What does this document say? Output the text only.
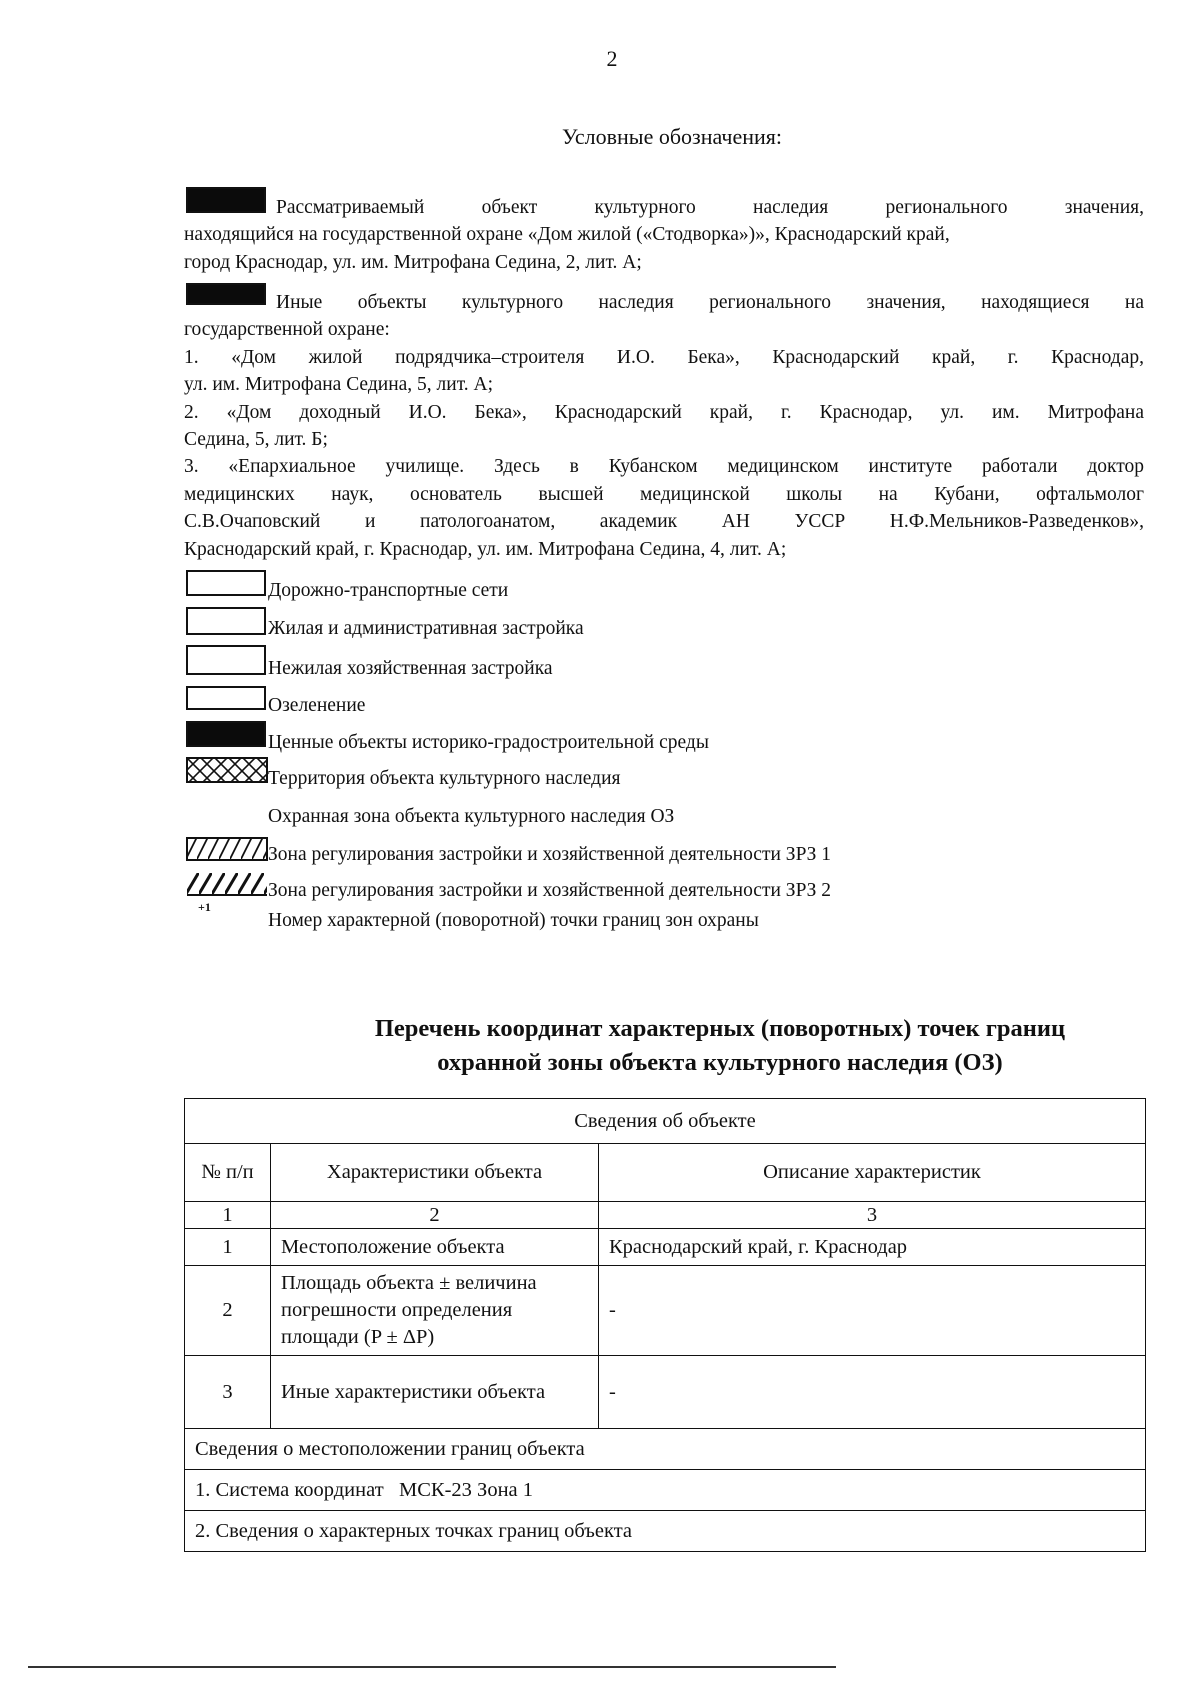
2
Условные обозначения:
Рассматриваемый объект культурного наследия регионального значения,
находящийся на государственной охране «Дом жилой («Стодворка»)», Краснодарский край,
город Краснодар, ул. им. Митрофана Седина, 2, лит. А;
Иные объекты культурного наследия регионального значения, находящиеся на
государственной охране:
1. «Дом жилой подрядчика–строителя И.О. Бека», Краснодарский край, г. Краснодар,
ул. им. Митрофана Седина, 5, лит. А;
2. «Дом доходный И.О. Бека», Краснодарский край, г. Краснодар, ул. им. Митрофана
Седина, 5, лит. Б;
3. «Епархиальное училище. Здесь в Кубанском медицинском институте работали доктор
медицинских наук, основатель высшей медицинской школы на Кубани, офтальмолог
С.В.Очаповский и патологоанатом, академик АН УССР Н.Ф.Мельников-Разведенков»,
Краснодарский край, г. Краснодар, ул. им. Митрофана Седина, 4, лит. А;
Дорожно-транспортные сети
Жилая и административная застройка
Нежилая хозяйственная застройка
Озеленение
Ценные объекты историко-градостроительной среды
Территория объекта культурного наследия
Охранная зона объекта культурного наследия ОЗ
Зона регулирования застройки и хозяйственной деятельности ЗРЗ 1
Зона регулирования застройки и хозяйственной деятельности ЗРЗ 2
+1
Номер характерной (поворотной) точки границ зон охраны
Перечень координат характерных (поворотных) точек границ
охранной зоны объекта культурного наследия (ОЗ)
Сведения об объекте		
№ п/п	Характеристики объекта	Описание характеристик
1	2	3
1	Местоположение объекта	Краснодарский край, г. Краснодар
2	Площадь объекта ± величина погрешности определения площади (P ± ΔP)	-
3	Иные характеристики объекта	-
Сведения о местоположении границ объекта		
1. Система координат   МСК-23 Зона 1		
2. Сведения о характерных точках границ объекта		
